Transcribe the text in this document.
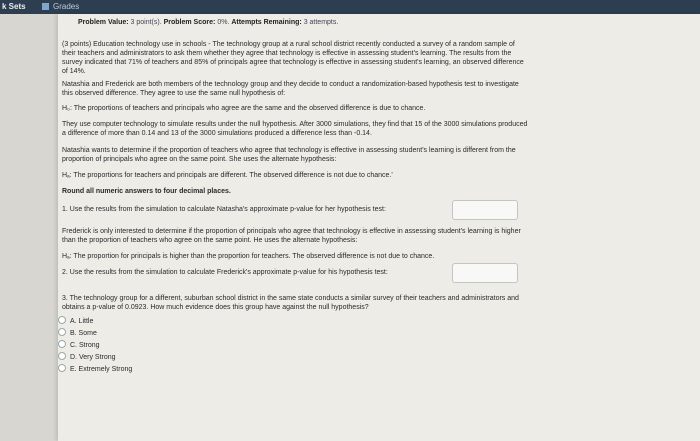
k Sets	Grades
Problem Value: 3 point(s). Problem Score: 0%. Attempts Remaining: 3 attempts.
(3 points) Education technology use in schools - The technology group at a rural school district recently conducted a survey of a random sample of
their teachers and administrators to ask them whether they agree that technology is effective in assessing student's learning. The results from the
survey indicated that 71% of teachers and 85% of principals agree that technology is effective in assessing student's learning, an observed difference
of 14%.
Natashia and Frederick are both members of the technology group and they decide to conduct a randomization-based hypothesis test to investigate
this observed difference. They agree to use the same null hypothesis of:
H₀: The proportions of teachers and principals who agree are the same and the observed difference is due to chance.
They use computer technology to simulate results under the null hypothesis. After 3000 simulations, they find that 15 of the 3000 simulations produced
a difference of more than 0.14 and 13 of the 3000 simulations produced a difference less than -0.14.
Natashia wants to determine if the proportion of teachers who agree that technology is effective in assessing student's learning is different from the
proportion of principals who agree on the same point. She uses the alternate hypothesis:
Hₐ: The proportions for teachers and principals are different. The observed difference is not due to chance.'
Round all numeric answers to four decimal places.
1. Use the results from the simulation to calculate Natasha's approximate p-value for her hypothesis test:
Frederick is only interested to determine if the proportion of principals who agree that technology is effective in assessing student's learning is higher
than the proportion of teachers who agree on the same point. He uses the alternate hypothesis:
Hₐ: The proportion for principals is higher than the proportion for teachers. The observed difference is not due to chance.
2. Use the results from the simulation to calculate Frederick's approximate p-value for his hypothesis test:
3. The technology group for a different, suburban school district in the same state conducts a similar survey of their teachers and administrators and
obtains a p-value of 0.0923. How much evidence does this group have against the null hypothesis?
A. Little
B. Some
C. Strong
D. Very Strong
E. Extremely Strong
